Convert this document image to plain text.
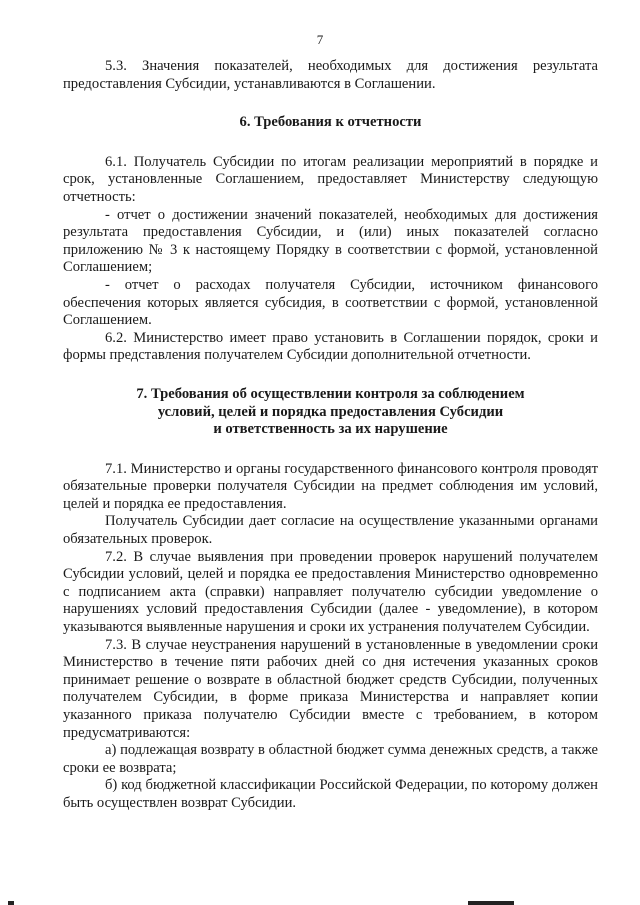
7

5.3. Значения показателей, необходимых для достижения результата предоставления Субсидии, устанавливаются в Соглашении.

6. Требования к отчетности

6.1. Получатель Субсидии по итогам реализации мероприятий в порядке и срок, установленные Соглашением, предоставляет Министерству следующую отчетность:

- отчет о достижении значений показателей, необходимых для достижения результата предоставления Субсидии, и (или) иных показателей согласно приложению № 3 к настоящему Порядку в соответствии с формой, установленной Соглашением;

- отчет о расходах получателя Субсидии, источником финансового обеспечения которых является субсидия, в соответствии с формой, установленной Соглашением.

6.2. Министерство имеет право установить в Соглашении порядок, сроки и формы представления получателем Субсидии дополнительной отчетности.

7. Требования об осуществлении контроля за соблюдением
условий, целей и порядка предоставления Субсидии
и ответственность за их нарушение

7.1. Министерство и органы государственного финансового контроля проводят обязательные проверки получателя Субсидии на предмет соблюдения им условий, целей и порядка ее предоставления.

Получатель Субсидии дает согласие на осуществление указанными органами обязательных проверок.

7.2. В случае выявления при проведении проверок нарушений получателем Субсидии условий, целей и порядка ее предоставления Министерство одновременно с подписанием акта (справки) направляет получателю субсидии уведомление о нарушениях условий предоставления Субсидии (далее - уведомление), в котором указываются выявленные нарушения и сроки их устранения получателем Субсидии.

7.3. В случае неустранения нарушений в установленные в уведомлении сроки Министерство в течение пяти рабочих дней со дня истечения указанных сроков принимает решение о возврате в областной бюджет средств Субсидии, полученных получателем Субсидии, в форме приказа Министерства и направляет копии указанного приказа получателю Субсидии вместе с требованием, в котором предусматриваются:

а) подлежащая возврату в областной бюджет сумма денежных средств, а также сроки ее возврата;

б) код бюджетной классификации Российской Федерации, по которому должен быть осуществлен возврат Субсидии.
